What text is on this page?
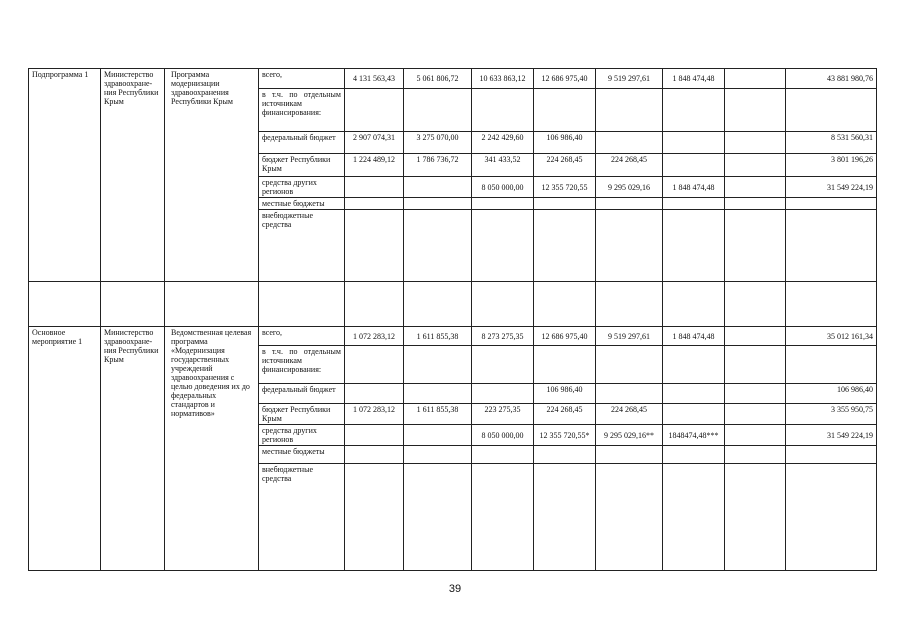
Подпрограмма 1	Министерство здравоохране-ния Республики Крым	Программа модернизации здравоохранения Республики Крым	всего,	4 131 563,43	5 061 806,72	10 633 863,12	12 686 975,40	9 519 297,61	1 848 474,48		43 881 980,76
			в т.ч. по отдельным источникам финансирования:								
			федеральный бюджет	2 907 074,31	3 275 070,00	2 242 429,60	106 986,40				8 531 560,31
			бюджет Республики Крым	1 224 489,12	1 786 736,72	341 433,52	224 268,45	224 268,45			3 801 196,26
			средства других регионов			8 050 000,00	12 355 720,55	9 295 029,16	1 848 474,48		31 549 224,19
			местные бюджеты								
			внебюджетные средства								

Основное мероприятие 1	Министерство здравоохране-ния Республики Крым	Ведомственная целевая программа «Модернизация государственных учреждений здравоохранения с целью доведения их до федеральных стандартов и нормативов»	всего,	1 072 283,12	1 611 855,38	8 273 275,35	12 686 975,40	9 519 297,61	1 848 474,48		35 012 161,34
			в т.ч. по отдельным источникам финансирования:								
			федеральный бюджет				106 986,40				106 986,40
			бюджет Республики Крым	1 072 283,12	1 611 855,38	223 275,35	224 268,45	224 268,45			3 355 950,75
			средства других регионов			8 050 000,00	12 355 720,55*	9 295 029,16**	1848474,48***		31 549 224,19
			местные бюджеты								
			внебюджетные средства								
39
